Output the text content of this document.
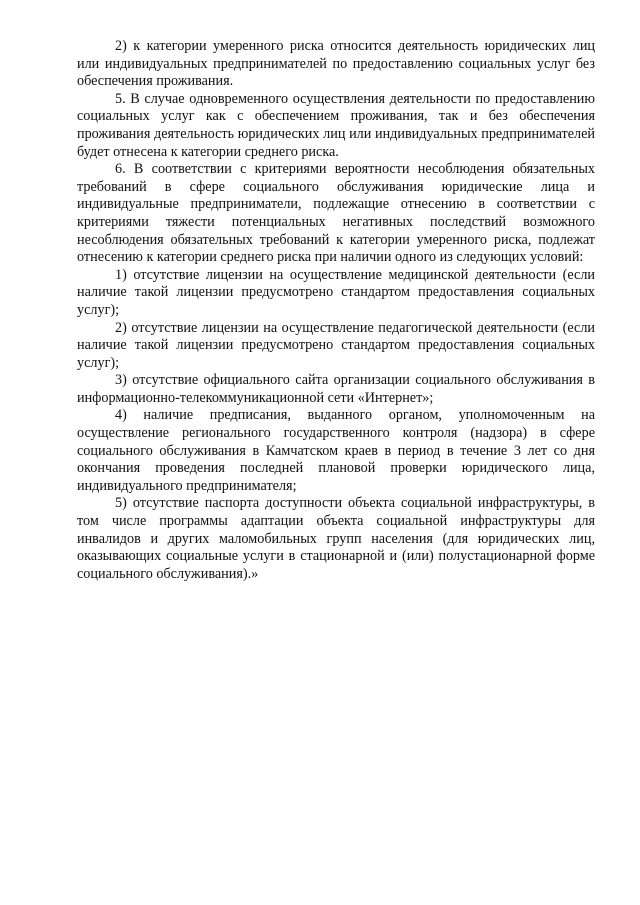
2) к категории умеренного риска относится деятельность юридических лиц или индивидуальных предпринимателей по предоставлению социальных услуг без обеспечения проживания.

5. В случае одновременного осуществления деятельности по предоставлению социальных услуг как с обеспечением проживания, так и без обеспечения проживания деятельность юридических лиц или индивидуальных предпринимателей будет отнесена к категории среднего риска.

6. В соответствии с критериями вероятности несоблюдения обязательных требований в сфере социального обслуживания юридические лица и индивидуальные предприниматели, подлежащие отнесению в соответствии с критериями тяжести потенциальных негативных последствий возможного несоблюдения обязательных требований к категории умеренного риска, подлежат отнесению к категории среднего риска при наличии одного из следующих условий:

1) отсутствие лицензии на осуществление медицинской деятельности (если наличие такой лицензии предусмотрено стандартом предоставления социальных услуг);

2) отсутствие лицензии на осуществление педагогической деятельности (если наличие такой лицензии предусмотрено стандартом предоставления социальных услуг);

3) отсутствие официального сайта организации социального обслуживания в информационно-телекоммуникационной сети «Интернет»;

4) наличие предписания, выданного органом, уполномоченным на осуществление регионального государственного контроля (надзора) в сфере социального обслуживания в Камчатском краев в период в течение 3 лет со дня окончания проведения последней плановой проверки юридического лица, индивидуального предпринимателя;

5) отсутствие паспорта доступности объекта социальной инфраструктуры, в том числе программы адаптации объекта социальной инфраструктуры для инвалидов и других маломобильных групп населения (для юридических лиц, оказывающих социальные услуги в стационарной и (или) полустационарной форме социального обслуживания).»
